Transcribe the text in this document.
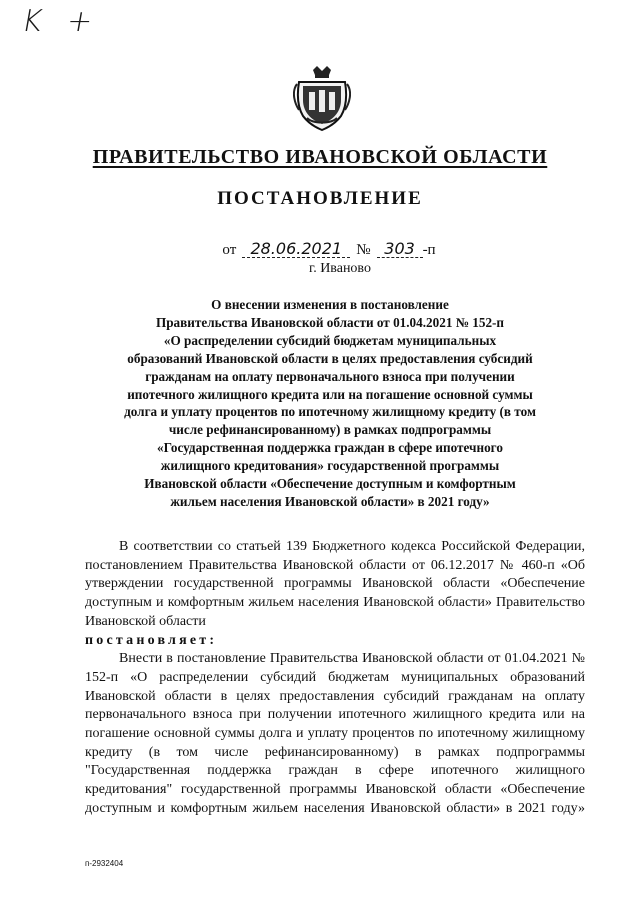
K +
ПРАВИТЕЛЬСТВО ИВАНОВСКОЙ ОБЛАСТИ
ПОСТАНОВЛЕНИЕ
от 28.06.2021 № 303 -п
г. Иваново

О внесении изменения в постановление

Правительства Ивановской области от 01.04.2021 № 152-п

«О распределении субсидий бюджетам муниципальных

образований Ивановской области в целях предоставления субсидий

гражданам на оплату первоначального взноса при получении

ипотечного жилищного кредита или на погашение основной суммы

долга и уплату процентов по ипотечному жилищному кредиту (в том

числе рефинансированному) в рамках подпрограммы

«Государственная поддержка граждан в сфере ипотечного

жилищного кредитования» государственной программы

Ивановской области «Обеспечение доступным и комфортным

жильем населения Ивановской области» в 2021 году»

В соответствии со статьей 139 Бюджетного кодекса Российской Федерации, постановлением Правительства Ивановской области от 06.12.2017 № 460-п «Об утверждении государственной программы Ивановской области «Обеспечение доступным и комфортным жильем населения Ивановской области» Правительство Ивановской области

постановляет:

Внести в постановление Правительства Ивановской области от 01.04.2021 № 152-п «О распределении субсидий бюджетам муниципальных образований Ивановской области в целях предоставления субсидий гражданам на оплату первоначального взноса при получении ипотечного жилищного кредита или на погашение основной суммы долга и уплату процентов по ипотечному жилищному кредиту (в том числе рефинансированному) в рамках подпрограммы "Государственная поддержка граждан в сфере ипотечного жилищного кредитования" государственной программы Ивановской области «Обеспечение доступным и комфортным жильем населения Ивановской области» в 2021 году»

п-2932404
